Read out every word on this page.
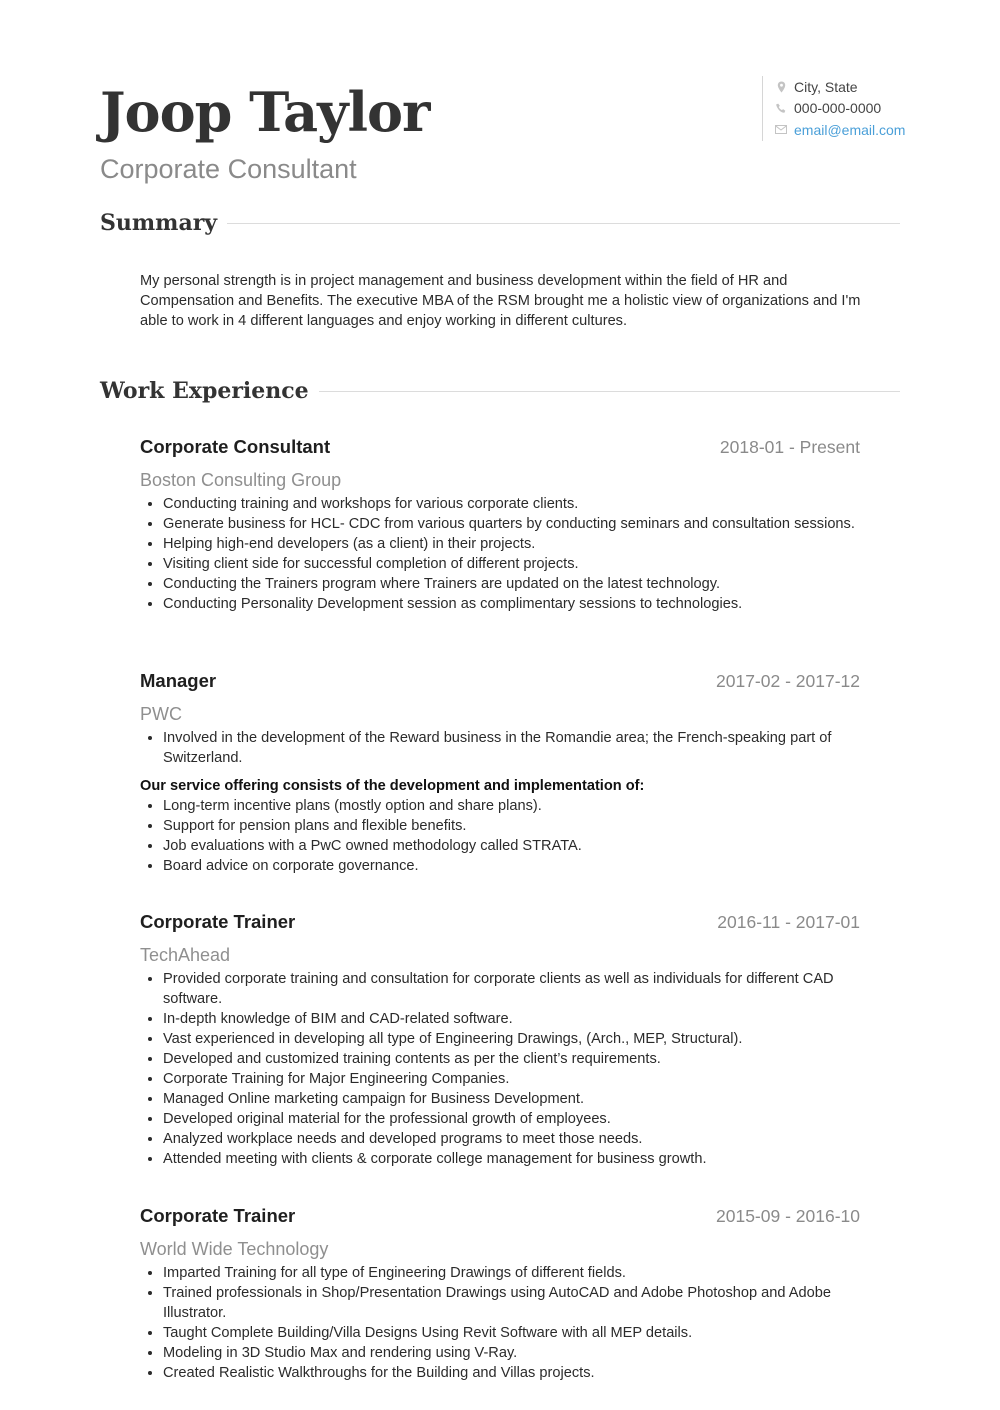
Joop Taylor

Corporate Consultant

City, State
000-000-0000
email@email.com
Summary

My personal strength is in project management and business development within the field of HR and Compensation and Benefits. The executive MBA of the RSM brought me a holistic view of organizations and I'm able to work in 4 different languages and enjoy working in different cultures.

Work Experience
Corporate Consultant	2018-01 - Present
Boston Consulting Group
• Conducting training and workshops for various corporate clients.
• Generate business for HCL- CDC from various quarters by conducting seminars and consultation sessions.
• Helping high-end developers (as a client) in their projects.
• Visiting client side for successful completion of different projects.
• Conducting the Trainers program where Trainers are updated on the latest technology.
• Conducting Personality Development session as complimentary sessions to technologies.
Manager	2017-02 - 2017-12
PWC
• Involved in the development of the Reward business in the Romandie area; the French-speaking part of Switzerland.
Our service offering consists of the development and implementation of:
• Long-term incentive plans (mostly option and share plans).
• Support for pension plans and flexible benefits.
• Job evaluations with a PwC owned methodology called STRATA.
• Board advice on corporate governance.
Corporate Trainer	2016-11 - 2017-01
TechAhead
• Provided corporate training and consultation for corporate clients as well as individuals for different CAD software.
• In-depth knowledge of BIM and CAD-related software.
• Vast experienced in developing all type of Engineering Drawings, (Arch., MEP, Structural).
• Developed and customized training contents as per the client’s requirements.
• Corporate Training for Major Engineering Companies.
• Managed Online marketing campaign for Business Development.
• Developed original material for the professional growth of employees.
• Analyzed workplace needs and developed programs to meet those needs.
• Attended meeting with clients & corporate college management for business growth.
Corporate Trainer	2015-09 - 2016-10
World Wide Technology
• Imparted Training for all type of Engineering Drawings of different fields.
• Trained professionals in Shop/Presentation Drawings using AutoCAD and Adobe Photoshop and Adobe Illustrator.
• Taught Complete Building/Villa Designs Using Revit Software with all MEP details.
• Modeling in 3D Studio Max and rendering using V-Ray.
• Created Realistic Walkthroughs for the Building and Villas projects.
